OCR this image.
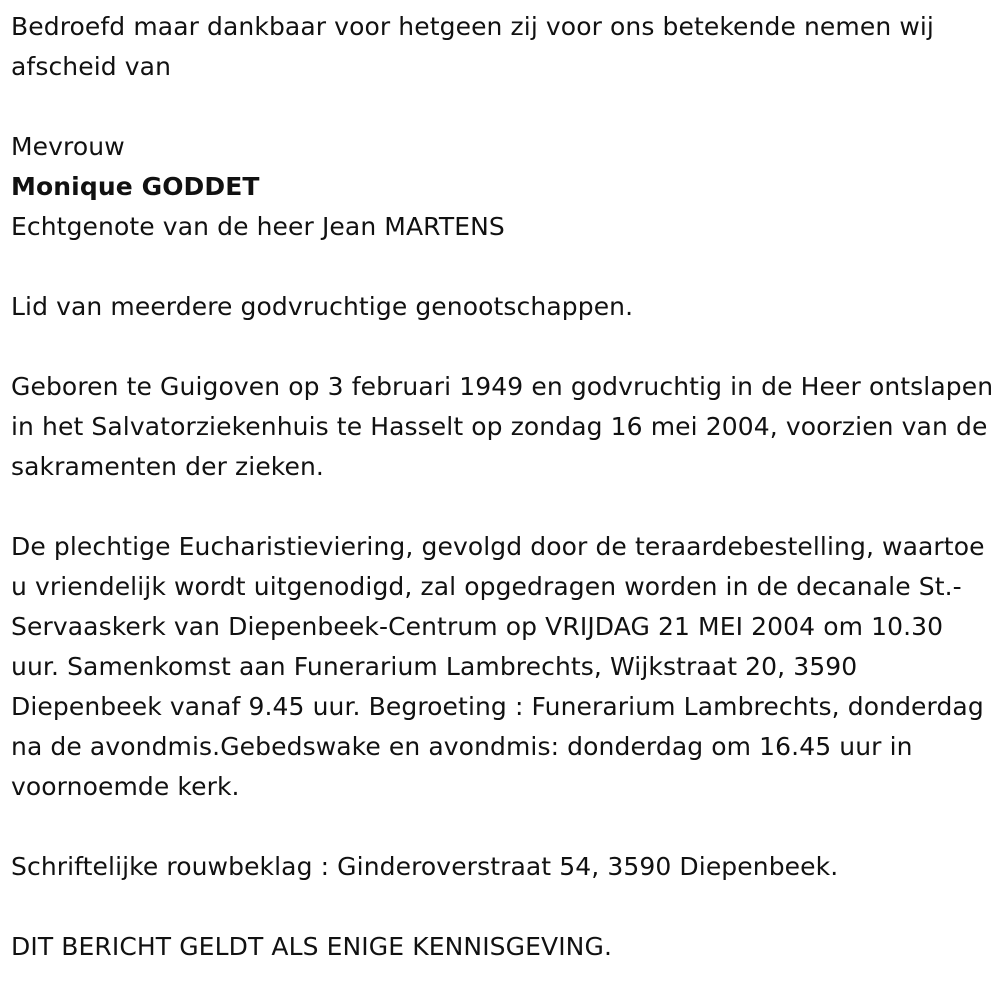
Bedroefd maar dankbaar voor hetgeen zij voor ons betekende nemen wij afscheid van

Mevrouw

Monique GODDET

Echtgenote van de heer Jean MARTENS

Lid van meerdere godvruchtige genootschappen.

Geboren te Guigoven op 3 februari 1949 en godvruchtig in de Heer ontslapen in het Salvatorziekenhuis te Hasselt op zondag 16 mei 2004, voorzien van de sakramenten der zieken.

De plechtige Eucharistieviering, gevolgd door de teraardebestelling, waartoe u vriendelijk wordt uitgenodigd, zal opgedragen worden in de decanale St.-Servaaskerk van Diepenbeek-Centrum op VRIJDAG 21 MEI 2004 om 10.30 uur. Samenkomst aan Funerarium Lambrechts, Wijkstraat 20, 3590 Diepenbeek vanaf 9.45 uur. Begroeting : Funerarium Lambrechts, donderdag na de avondmis.Gebedswake en avondmis: donderdag om 16.45 uur in voornoemde kerk.

Schriftelijke rouwbeklag : Ginderoverstraat 54, 3590 Diepenbeek.

DIT BERICHT GELDT ALS ENIGE KENNISGEVING.
